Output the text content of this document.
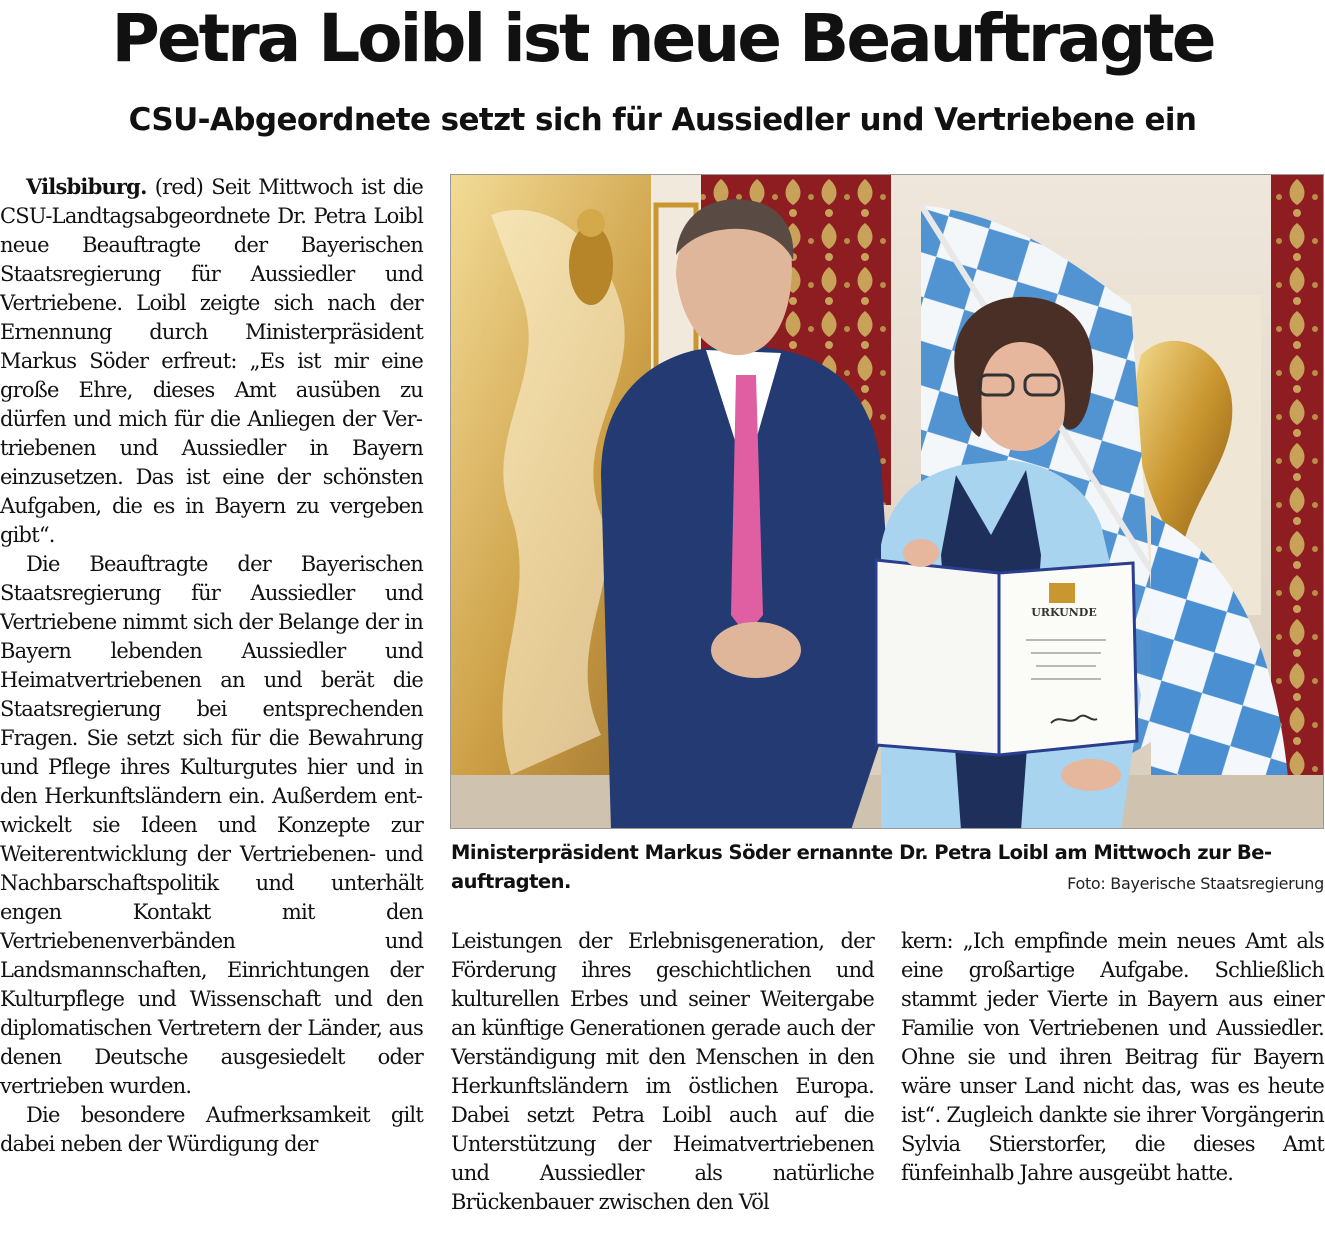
Petra Loibl ist neue Beauftragte
CSU-Abgeordnete setzt sich für Aussiedler und Vertriebene ein

Vilsbiburg. (red) Seit Mittwoch ist die CSU-Landtagsabgeordnete Dr. Petra Loibl neue Beauftragte der Bayerischen Staatsregierung für Aussiedler und Vertriebene. Loibl zeigte sich nach der Ernennung durch Ministerpräsident Markus Söder erfreut: „Es ist mir eine große Ehre, dieses Amt ausüben zu dürfen und mich für die Anliegen der Vertriebenen und Aussiedler in Bayern einzusetzen. Das ist eine der schönsten Aufgaben, die es in Bayern zu vergeben gibt“.

Die Beauftragte der Bayerischen Staatsregierung für Aussiedler und Vertriebene nimmt sich der Belange der in Bayern lebenden Aussiedler und Heimatvertriebenen an und berät die Staatsregierung bei entsprechenden Fragen. Sie setzt sich für die Bewahrung und Pflege ihres Kulturgutes hier und in den Herkunftsländern ein. Außerdem entwickelt sie Ideen und Konzepte zur Weiterentwicklung der Vertriebenen- und Nachbarschaftspolitik und unterhält engen Kontakt mit den Vertriebenenverbänden und Landsmannschaften, Einrichtungen der Kulturpflege und Wissenschaft und den diplomatischen Vertretern der Länder, aus denen Deutsche ausgesiedelt oder vertrieben wurden.

Die besondere Aufmerksamkeit gilt dabei neben der Würdigung der

URKUNDE
Ministerpräsident Markus Söder ernannte Dr. Petra Loibl am Mittwoch zur Beauftragten.	Foto: Bayerische Staatsregierung

Leistungen der Erlebnisgeneration, der Förderung ihres geschichtlichen und kulturellen Erbes und seiner Weitergabe an künftige Generationen gerade auch der Verständigung mit den Menschen in den Herkunftsländern im östlichen Europa. Dabei setzt Petra Loibl auch auf die Unterstützung der Heimatvertriebenen und Aussiedler als natürliche Brückenbauer zwischen den Völ

kern: „Ich empfinde mein neues Amt als eine großartige Aufgabe. Schließlich stammt jeder Vierte in Bayern aus einer Familie von Vertriebenen und Aussiedler. Ohne sie und ihren Beitrag für Bayern wäre unser Land nicht das, was es heute ist“. Zugleich dankte sie ihrer Vorgängerin Sylvia Stierstorfer, die dieses Amt fünfeinhalb Jahre ausgeübt hatte.
